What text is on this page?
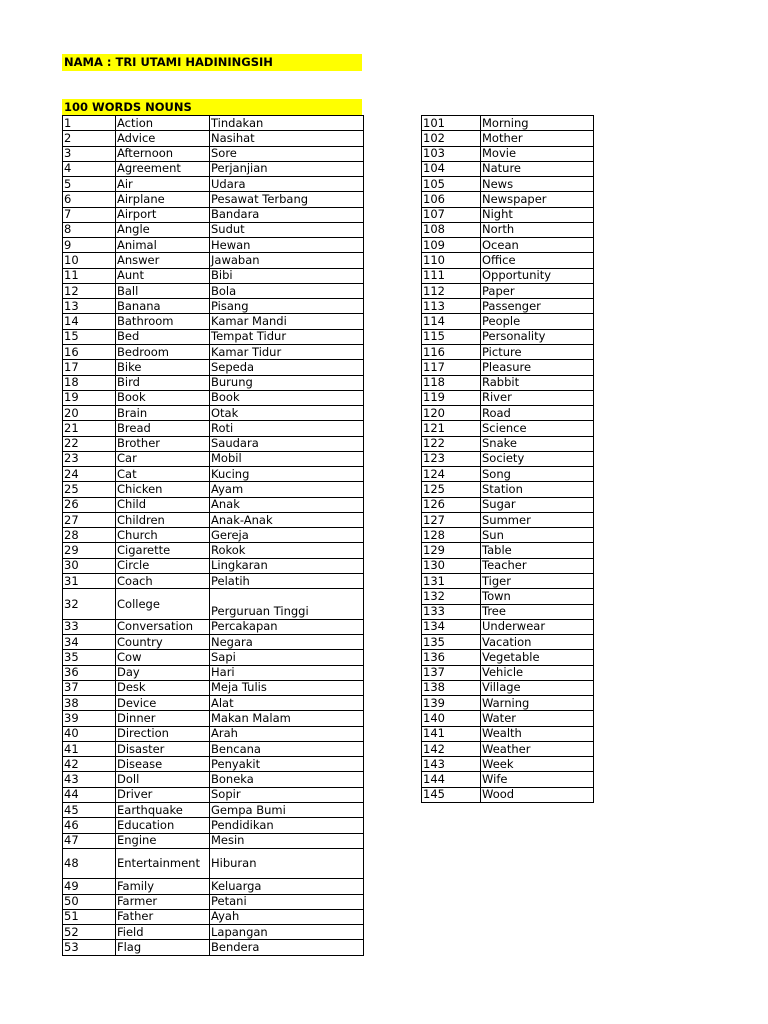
NAMA : TRI UTAMI HADININGSIH
100 WORDS NOUNS
1	Action	Tindakan
2	Advice	Nasihat
3	Afternoon	Sore
4	Agreement	Perjanjian
5	Air	Udara
6	Airplane	Pesawat Terbang
7	Airport	Bandara
8	Angle	Sudut
9	Animal	Hewan
10	Answer	Jawaban
11	Aunt	Bibi
12	Ball	Bola
13	Banana	Pisang
14	Bathroom	Kamar Mandi
15	Bed	Tempat Tidur
16	Bedroom	Kamar Tidur
17	Bike	Sepeda
18	Bird	Burung
19	Book	Book
20	Brain	Otak
21	Bread	Roti
22	Brother	Saudara
23	Car	Mobil
24	Cat	Kucing
25	Chicken	Ayam
26	Child	Anak
27	Children	Anak-Anak
28	Church	Gereja
29	Cigarette	Rokok
30	Circle	Lingkaran
31	Coach	Pelatih
32	College	Perguruan Tinggi
33	Conversation	Percakapan
34	Country	Negara
35	Cow	Sapi
36	Day	Hari
37	Desk	Meja Tulis
38	Device	Alat
39	Dinner	Makan Malam
40	Direction	Arah
41	Disaster	Bencana
42	Disease	Penyakit
43	Doll	Boneka
44	Driver	Sopir
45	Earthquake	Gempa Bumi
46	Education	Pendidikan
47	Engine	Mesin
48	Entertainment	Hiburan
49	Family	Keluarga
50	Farmer	Petani
51	Father	Ayah
52	Field	Lapangan
53	Flag	Bendera
101	Morning
102	Mother
103	Movie
104	Nature
105	News
106	Newspaper
107	Night
108	North
109	Ocean
110	Office
111	Opportunity
112	Paper
113	Passenger
114	People
115	Personality
116	Picture
117	Pleasure
118	Rabbit
119	River
120	Road
121	Science
122	Snake
123	Society
124	Song
125	Station
126	Sugar
127	Summer
128	Sun
129	Table
130	Teacher
131	Tiger
132	Town
133	Tree
134	Underwear
135	Vacation
136	Vegetable
137	Vehicle
138	Village
139	Warning
140	Water
141	Wealth
142	Weather
143	Week
144	Wife
145	Wood
